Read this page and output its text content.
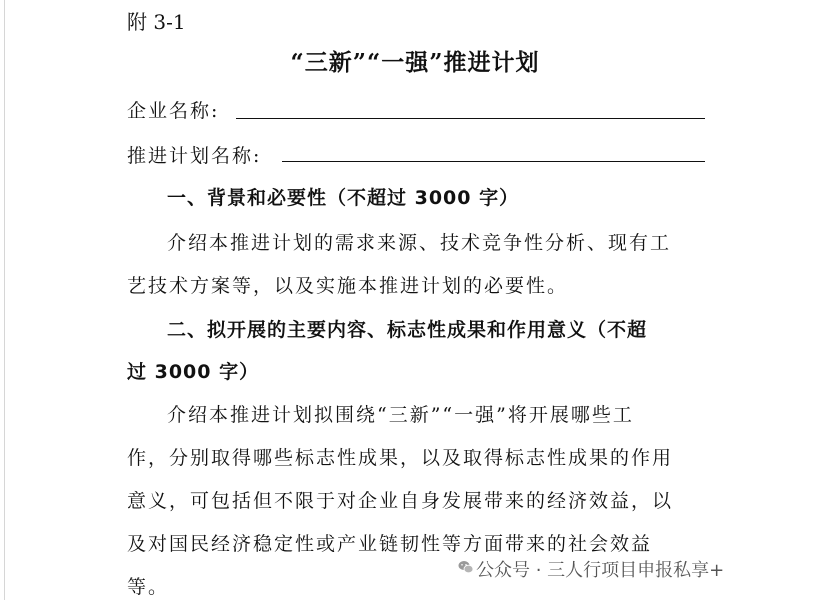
附 3-1
“三新”“一强”推进计划
企业名称:
推进计划名称:
一、背景和必要性（不超过 3000 字）
介绍本推进计划的需求来源、技术竞争性分析、现有工
艺技术方案等，以及实施本推进计划的必要性。
二、拟开展的主要内容、标志性成果和作用意义（不超
过 3000 字）
介绍本推进计划拟围绕“三新”“一强”将开展哪些工
作，分别取得哪些标志性成果，以及取得标志性成果的作用
意义，可包括但不限于对企业自身发展带来的经济效益，以
及对国民经济稳定性或产业链韧性等方面带来的社会效益
等。
公众号 · 三人行项目申报私享+
